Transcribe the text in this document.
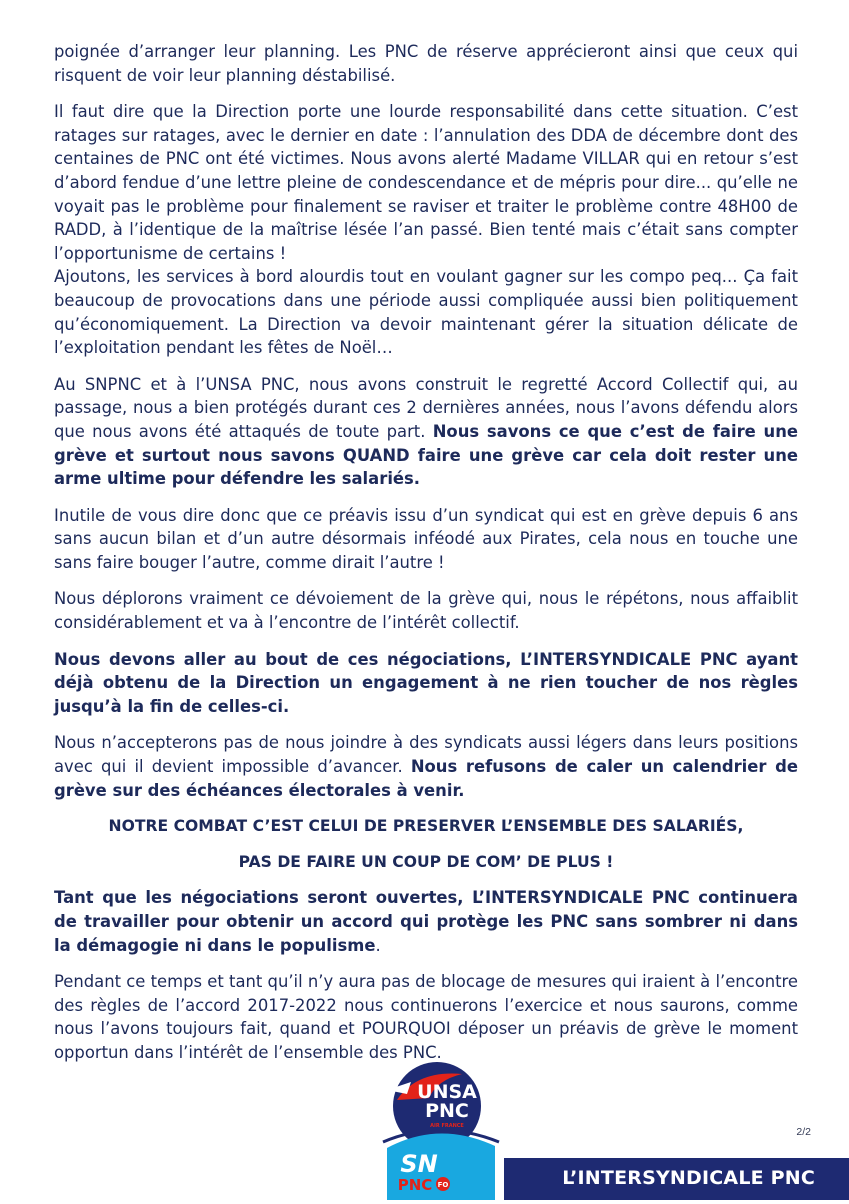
poignée d’arranger leur planning. Les PNC de réserve apprécieront ainsi que ceux qui risquent de voir leur planning déstabilisé.

Il faut dire que la Direction porte une lourde responsabilité dans cette situation. C’est ratages sur ratages, avec le dernier en date : l’annulation des DDA de décembre dont des centaines de PNC ont été victimes. Nous avons alerté Madame VILLAR qui en retour s’est d’abord fendue d’une lettre pleine de condescendance et de mépris pour dire... qu’elle ne voyait pas le problème pour finalement se raviser et traiter le problème contre 48H00 de RADD, à l’identique de la maîtrise lésée l’an passé. Bien tenté mais c’était sans compter l’opportunisme de certains !

Ajoutons, les services à bord alourdis tout en voulant gagner sur les compo peq... Ça fait beaucoup de provocations dans une période aussi compliquée aussi bien politiquement qu’économiquement. La Direction va devoir maintenant gérer la situation délicate de l’exploitation pendant les fêtes de Noël…

Au SNPNC et à l’UNSA PNC, nous avons construit le regretté Accord Collectif qui, au passage, nous a bien protégés durant ces 2 dernières années, nous l’avons défendu alors que nous avons été attaqués de toute part. Nous savons ce que c’est de faire une grève et surtout nous savons QUAND faire une grève car cela doit rester une arme ultime pour défendre les salariés.

Inutile de vous dire donc que ce préavis issu d’un syndicat qui est en grève depuis 6 ans sans aucun bilan et d’un autre désormais inféodé aux Pirates, cela nous en touche une sans faire bouger l’autre, comme dirait l’autre !

Nous déplorons vraiment ce dévoiement de la grève qui, nous le répétons, nous affaiblit considérablement et va à l’encontre de l’intérêt collectif.

Nous devons aller au bout de ces négociations, L’INTERSYNDICALE PNC ayant déjà obtenu de la Direction un engagement à ne rien toucher de nos règles jusqu’à la fin de celles-ci.

Nous n’accepterons pas de nous joindre à des syndicats aussi légers dans leurs positions avec qui il devient impossible d’avancer. Nous refusons de caler un calendrier de grève sur des échéances électorales à venir.

NOTRE COMBAT C’EST CELUI DE PRESERVER L’ENSEMBLE DES SALARIÉS,
PAS DE FAIRE UN COUP DE COM’ DE PLUS !

Tant que les négociations seront ouvertes, L’INTERSYNDICALE PNC continuera de travailler pour obtenir un accord qui protège les PNC sans sombrer ni dans la démagogie ni dans le populisme.

Pendant ce temps et tant qu’il n’y aura pas de blocage de mesures qui iraient à l’encontre des règles de l’accord 2017-2022 nous continuerons l’exercice et nous saurons, comme nous l’avons toujours fait, quand et POURQUOI déposer un préavis de grève le moment opportun dans l’intérêt de l’ensemble des PNC.

UNSA
PNC
AIR FRANCE
SN
PNC FO
2/2
L’INTERSYNDICALE PNC
